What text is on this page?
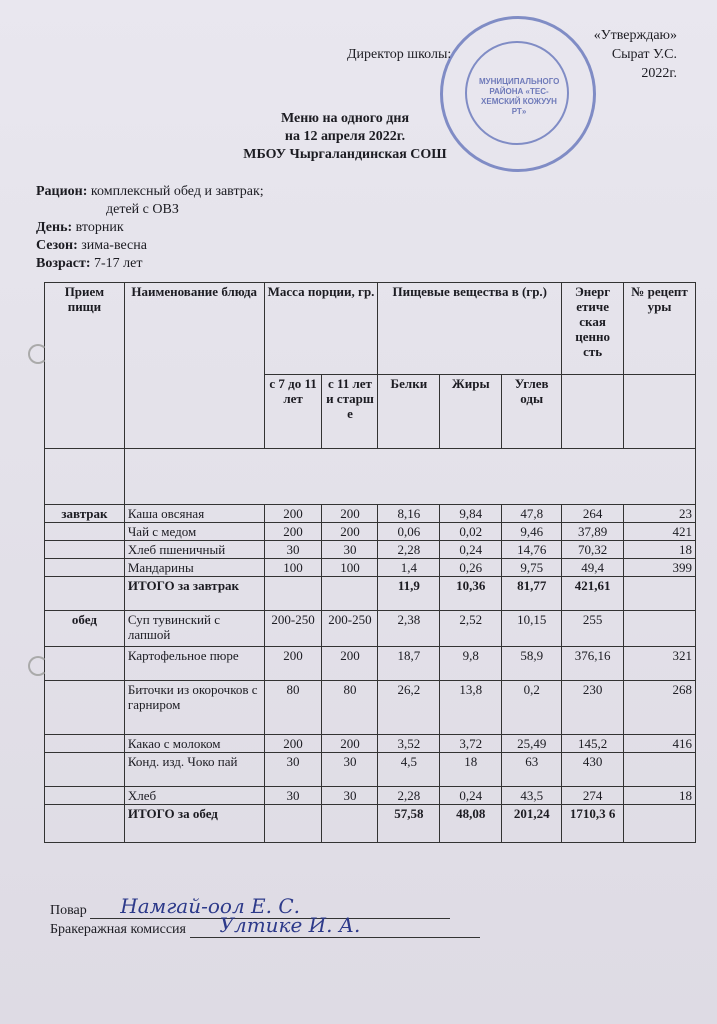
МУНИЦИПАЛЬНОГО РАЙОНА «ТЕС-ХЕМСКИЙ КОЖУУН РТ»
«Утверждаю»
Директор школы:	Сырат У.С.
2022г.
Меню на одного дня
на 12 апреля 2022г.
МБОУ Чыргаландинская СОШ
Рацион: комплексный обед и завтрак;
детей с ОВЗ
День: вторник
Сезон: зима-весна
Возраст: 7-17 лет
Прием пищи	Наименование блюда	Масса порции, гр.		Пищевые вещества в (гр.)			Энерг етиче ская ценно сть	№ рецепт уры
		с 7 до 11 лет	с 11 лет и старш е	Белки	Жиры	Углев оды		

завтрак	Каша овсяная	200	200	8,16	9,84	47,8	264	23
	Чай с медом	200	200	0,06	0,02	9,46	37,89	421
	Хлеб пшеничный	30	30	2,28	0,24	14,76	70,32	18
	Мандарины	100	100	1,4	0,26	9,75	49,4	399
	ИТОГО за завтрак			11,9	10,36	81,77	421,61	
обед	Суп тувинский с лапшой	200-250	200-250	2,38	2,52	10,15	255	
	Картофельное пюре	200	200	18,7	9,8	58,9	376,16	321
	Биточки из окорочков с гарниром	80	80	26,2	13,8	0,2	230	268
	Какао с молоком	200	200	3,52	3,72	25,49	145,2	416
	Конд. изд. Чоко пай	30	30	4,5	18	63	430	
	Хлеб	30	30	2,28	0,24	43,5	274	18
	ИТОГО за обед			57,58	48,08	201,24	1710,3 6	
Повар Намгай-оол Е. С.
Бракеражная комиссия Ултике И. А.
